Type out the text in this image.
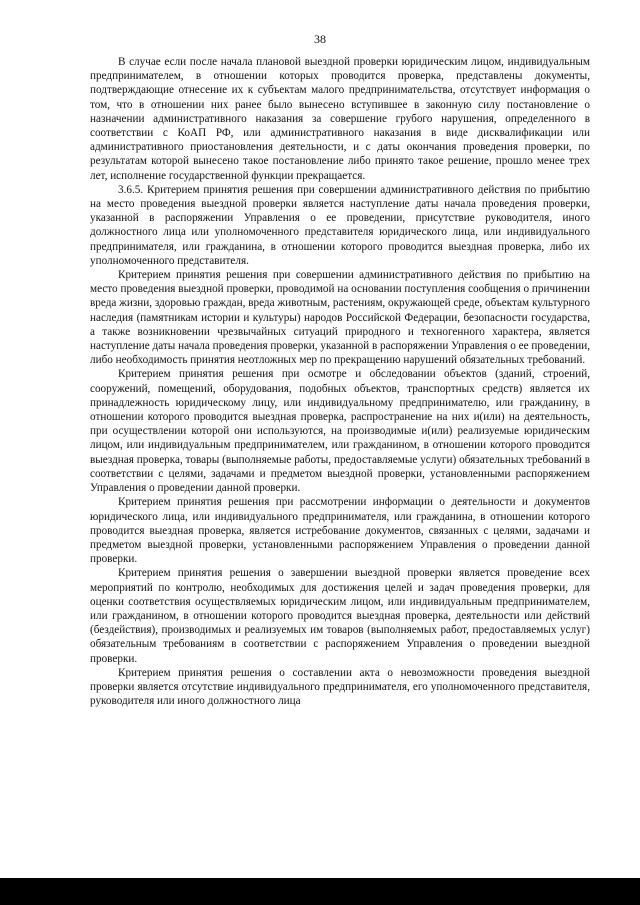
38

В случае если после начала плановой выездной проверки юридическим лицом, индивидуальным предпринимателем, в отношении которых проводится проверка, представлены документы, подтверждающие отнесение их к субъектам малого предпринимательства, отсутствует информация о том, что в отношении них ранее было вынесено вступившее в законную силу постановление о назначении административного наказания за совершение грубого нарушения, определенного в соответствии с КоАП РФ, или административного наказания в виде дисквалификации или административного приостановления деятельности, и с даты окончания проведения проверки, по результатам которой вынесено такое постановление либо принято такое решение, прошло менее трех лет, исполнение государственной функции прекращается.

3.6.5. Критерием принятия решения при совершении административного действия по прибытию на место проведения выездной проверки является наступление даты начала проведения проверки, указанной в распоряжении Управления о ее проведении, присутствие руководителя, иного должностного лица или уполномоченного представителя юридического лица, или индивидуального предпринимателя, или гражданина, в отношении которого проводится выездная проверка, либо их уполномоченного представителя.

Критерием принятия решения при совершении административного действия по прибытию на место проведения выездной проверки, проводимой на основании поступления сообщения о причинении вреда жизни, здоровью граждан, вреда животным, растениям, окружающей среде, объектам культурного наследия (памятникам истории и культуры) народов Российской Федерации, безопасности государства, а также возникновении чрезвычайных ситуаций природного и техногенного характера, является наступление даты начала проведения проверки, указанной в распоряжении Управления о ее проведении, либо необходимость принятия неотложных мер по прекращению нарушений обязательных требований.

Критерием принятия решения при осмотре и обследовании объектов (зданий, строений, сооружений, помещений, оборудования, подобных объектов, транспортных средств) является их принадлежность юридическому лицу, или индивидуальному предпринимателю, или гражданину, в отношении которого проводится выездная проверка, распространение на них и(или) на деятельность, при осуществлении которой они используются, на производимые и(или) реализуемые юридическим лицом, или индивидуальным предпринимателем, или гражданином, в отношении которого проводится выездная проверка, товары (выполняемые работы, предоставляемые услуги) обязательных требований в соответствии с целями, задачами и предметом выездной проверки, установленными распоряжением Управления о проведении данной проверки.

Критерием принятия решения при рассмотрении информации о деятельности и документов юридического лица, или индивидуального предпринимателя, или гражданина, в отношении которого проводится выездная проверка, является истребование документов, связанных с целями, задачами и предметом выездной проверки, установленными распоряжением Управления о проведении данной проверки.

Критерием принятия решения о завершении выездной проверки является проведение всех мероприятий по контролю, необходимых для достижения целей и задач проведения проверки, для оценки соответствия осуществляемых юридическим лицом, или индивидуальным предпринимателем, или гражданином, в отношении которого проводится выездная проверка, деятельности или действий (бездействия), производимых и реализуемых им товаров (выполняемых работ, предоставляемых услуг) обязательным требованиям в соответствии с распоряжением Управления о проведении выездной проверки.

Критерием принятия решения о составлении акта о невозможности проведения выездной проверки является отсутствие индивидуального предпринимателя, его уполномоченного представителя, руководителя или иного должностного лица
